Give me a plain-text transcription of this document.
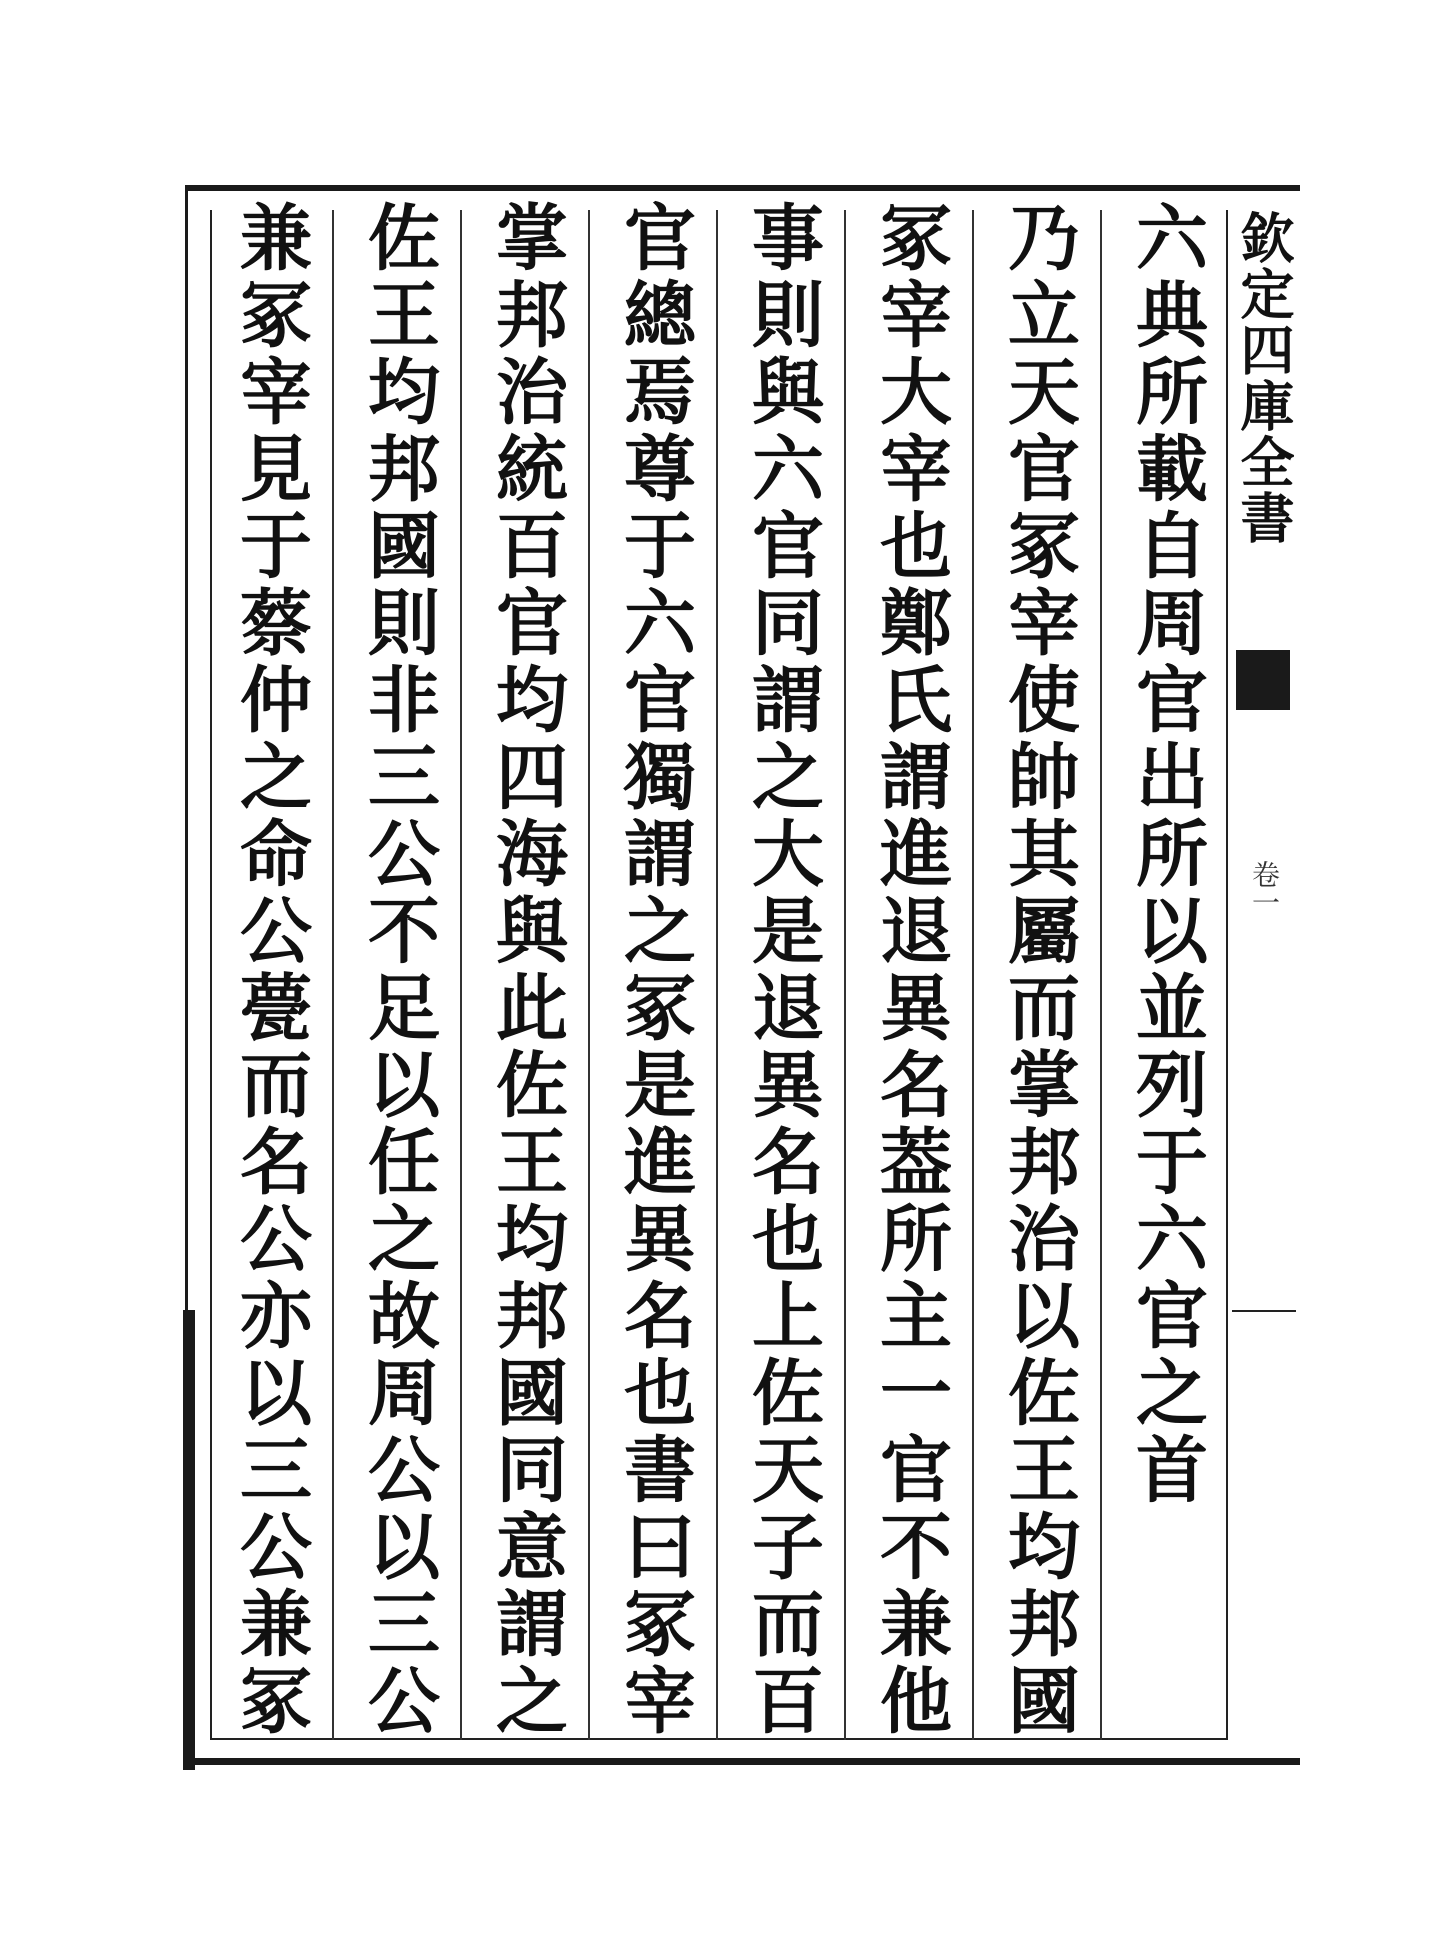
欽定四庫全書
卷一
六典所載自周官出所以並列于六官之首
乃立天官冢宰使帥其屬而掌邦治以佐王均邦國
冢宰大宰也鄭氏謂進退異名葢所主一官不兼他
事則與六官同謂之大是退異名也上佐天子而百
官總焉尊于六官獨謂之冢是進異名也書曰冢宰
掌邦治統百官均四海與此佐王均邦國同意謂之
佐王均邦國則非三公不足以任之故周公以三公
兼冢宰見于蔡仲之命公甍而名公亦以三公兼冢
